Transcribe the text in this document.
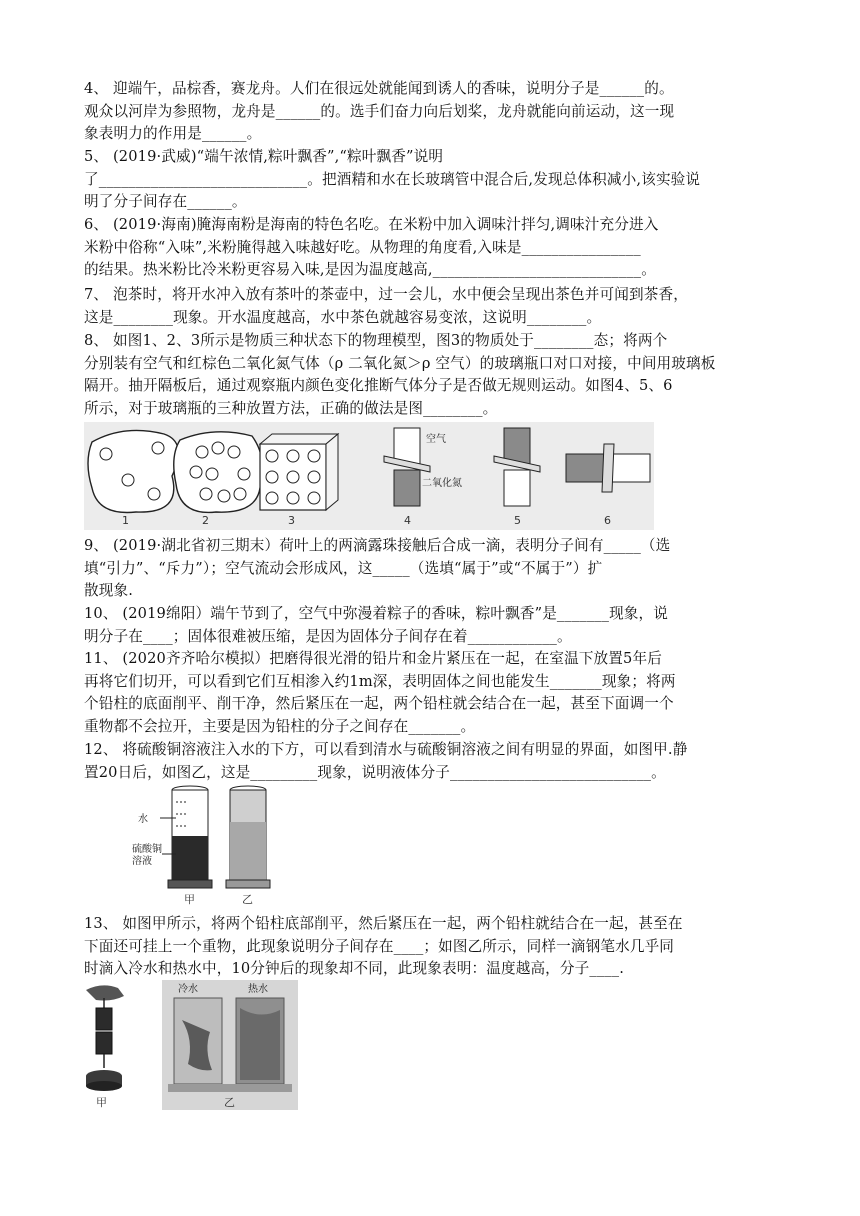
4、 迎端午，品棕香，赛龙舟。人们在很远处就能闻到诱人的香味，说明分子是______的。

观众以河岸为参照物，龙舟是______的。选手们奋力向后划桨，龙舟就能向前运动，这一现

象表明力的作用是______。

5、 (2019·武威)“端午浓情,粽叶飘香”,“粽叶飘香”说明

了____________________________。把酒精和水在长玻璃管中混合后,发现总体积减小,该实验说

明了分子间存在______。

6、 (2019·海南)腌海南粉是海南的特色名吃。在米粉中加入调味汁拌匀,调味汁充分进入

米粉中俗称“入味”,米粉腌得越入味越好吃。从物理的角度看,入味是________________

的结果。热米粉比冷米粉更容易入味,是因为温度越高,____________________________。

7、 泡茶时，将开水冲入放有茶叶的茶壶中，过一会儿，水中便会呈现出茶色并可闻到茶香，

这是________现象。开水温度越高，水中茶色就越容易变浓，这说明________。

8、 如图1、2、3所示是物质三种状态下的物理模型，图3的物质处于________态；将两个

分别装有空气和红棕色二氧化氮气体（ρ 二氧化氮＞ρ 空气）的玻璃瓶口对口对接，中间用玻璃板

隔开。抽开隔板后，通过观察瓶内颜色变化推断气体分子是否做无规则运动。如图4、5、6

所示，对于玻璃瓶的三种放置方法，正确的做法是图________。

空气
二氧化氮
1	2	3	4	5	6

9、 (2019·湖北省初三期末）荷叶上的两滴露珠接触后合成一滴，表明分子间有_____（选

填“引力”、“斥力”）；空气流动会形成风，这_____（选填“属于”或“不属于”）扩

散现象.

10、 (2019绵阳）端午节到了，空气中弥漫着粽子的香味，粽叶飘香”是_______现象，说

明分子在____；固体很难被压缩，是因为固体分子间存在着____________。

11、 (2020齐齐哈尔模拟）把磨得很光滑的铅片和金片紧压在一起，在室温下放置5年后

再将它们切开，可以看到它们互相渗入约1m深，表明固体之间也能发生_______现象；将两

个铅柱的底面削平、削干净，然后紧压在一起，两个铅柱就会结合在一起，甚至下面调一个

重物都不会拉开，主要是因为铅柱的分子之间存在_______。

12、 将硫酸铜溶液注入水的下方，可以看到清水与硫酸铜溶液之间有明显的界面，如图甲.静

置20日后，如图乙，这是_________现象，说明液体分子___________________________。

水
硫酸铜
溶液
甲	乙

13、 如图甲所示，将两个铅柱底部削平，然后紧压在一起，两个铅柱就结合在一起，甚至在

下面还可挂上一个重物，此现象说明分子间存在____；如图乙所示，同样一滴钢笔水几乎同

时滴入冷水和热水中，10分钟后的现象却不同，此现象表明：温度越高，分子____.

甲
冷水	热水
乙
